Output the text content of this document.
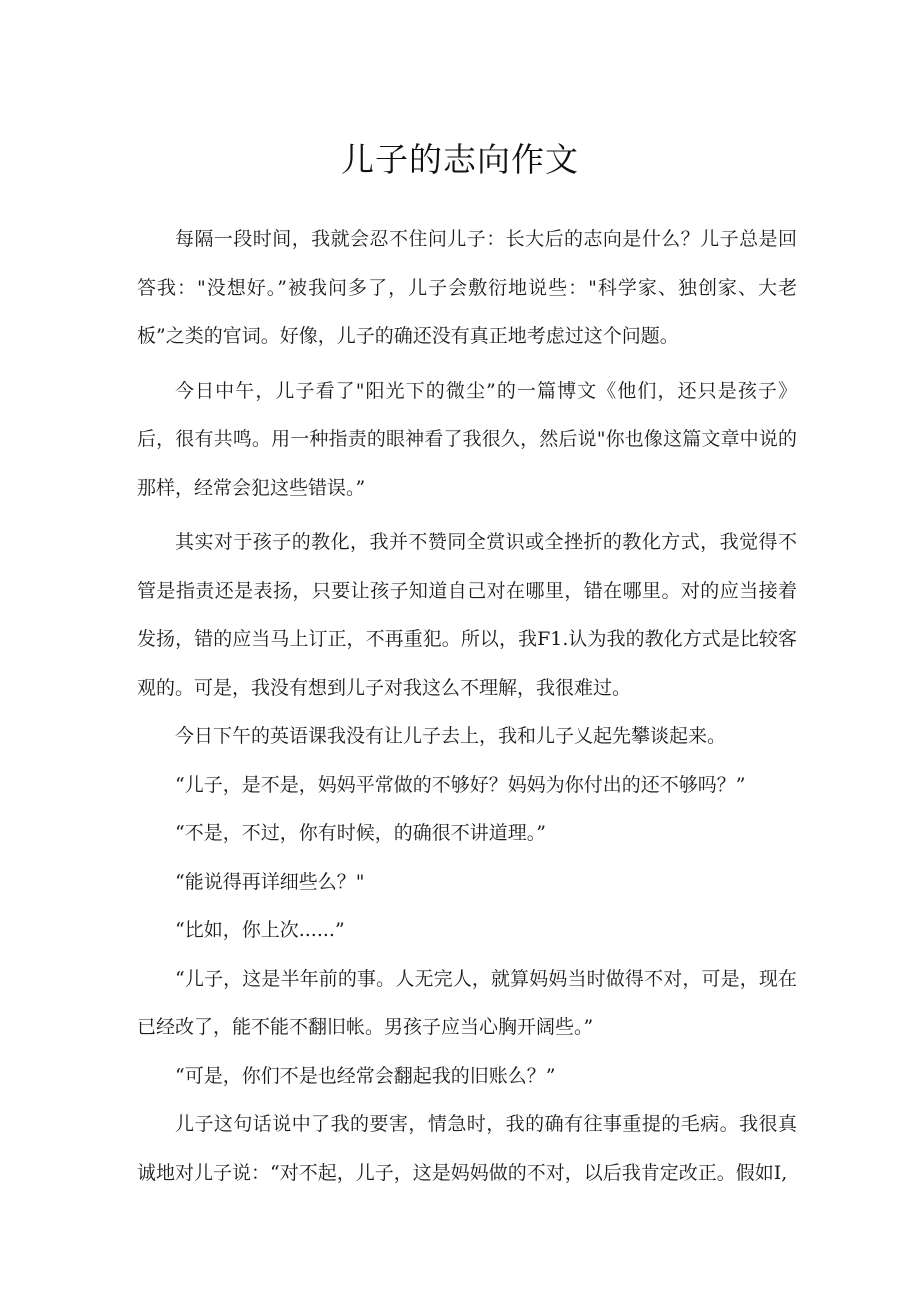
儿子的志向作文

每隔一段时间，我就会忍不住问儿子：长大后的志向是什么？儿子总是回答我："没想好。”被我问多了，儿子会敷衍地说些："科学家、独创家、大老板”之类的官词。好像，儿子的确还没有真正地考虑过这个问题。

今日中午，儿子看了"阳光下的微尘”的一篇博文《他们，还只是孩子》后，很有共鸣。用一种指责的眼神看了我很久，然后说"你也像这篇文章中说的那样，经常会犯这些错误。”

其实对于孩子的教化，我并不赞同全赏识或全挫折的教化方式，我觉得不管是指责还是表扬，只要让孩子知道自己对在哪里，错在哪里。对的应当接着发扬，错的应当马上订正，不再重犯。所以，我F1.认为我的教化方式是比较客观的。可是，我没有想到儿子对我这么不理解，我很难过。

今日下午的英语课我没有让儿子去上，我和儿子乂起先攀谈起来。

“儿子，是不是，妈妈平常做的不够好？妈妈为你付出的还不够吗？”

“不是，不过，你有时候，的确很不讲道理。”

“能说得再详细些么？"

“比如，你上次......”

“儿子，这是半年前的事。人无完人，就算妈妈当时做得不对，可是，现在已经改了，能不能不翻旧帐。男孩子应当心胸开阔些。”

“可是，你们不是也经常会翻起我的旧账么？”

儿子这句话说中了我的要害，情急时，我的确有往事重提的毛病。我很真诚地对儿子说：“对不起，儿子，这是妈妈做的不对，以后我肯定改正。假如I,
